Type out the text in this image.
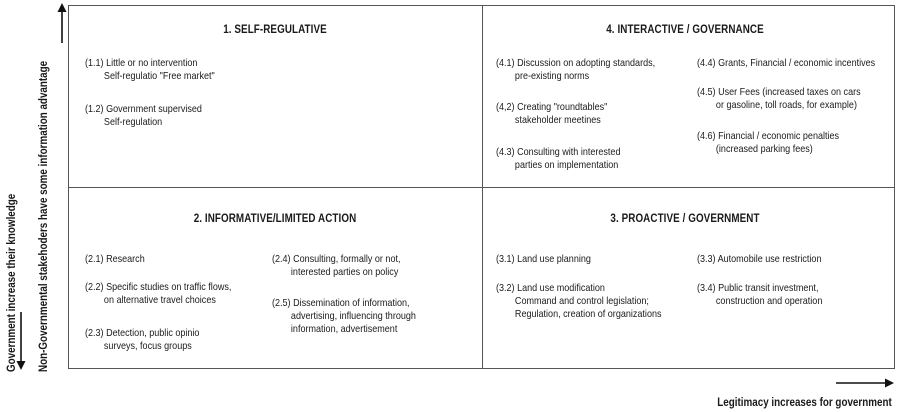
Government increase their knowledge Non-Governmental stakehoders have some information advantage
Legitimacy increases for government
1. SELF-REGULATIVE
(1.1) Little or no intervention
Self-regulatio "Free market"
(1.2) Government supervised
Self-regulation
4. INTERACTIVE / GOVERNANCE
(4.1) Discussion on adopting standards,
pre-existing norms
(4,2) Creating "roundtables"
stakeholder meetines
(4.3) Consulting with interested
parties on implementation
(4.4) Grants, Financial / economic incentives
(4.5) User Fees (increased taxes on cars
or gasoline, toll roads, for example)
(4.6) Financial / economic penalties
(increased parking fees)
2. INFORMATIVE/LIMITED ACTION
(2.1) Research
(2.2) Specific studies on traffic flows,
on alternative travel choices
(2.3) Detection, public opinio
surveys, focus groups
(2.4) Consulting, formally or not,
interested parties on policy
(2.5) Dissemination of information,
advertising, influencing through
information, advertisement
3. PROACTIVE / GOVERNMENT
(3.1) Land use planning
(3.2) Land use modification
Command and control legislation;
Regulation, creation of organizations
(3.3) Automobile use restriction
(3.4) Public transit investment,
construction and operation
